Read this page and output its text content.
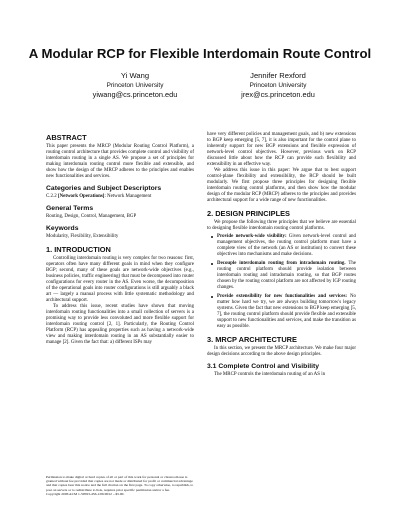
A Modular RCP for Flexible Interdomain Route Control
Yi Wang
Princeton University
yiwang@cs.princeton.edu
Jennifer Rexford
Princeton University
jrex@cs.princeton.edu
ABSTRACT

This paper presents the MRCP (Modular Routing Control Platform), a routing control architecture that provides complete control and visibility of interdomain routing in a single AS. We propose a set of principles for making interdomain routing control more flexible and extensible, and show how the design of the MRCP adheres to the principles and enables new functionalities and services.

Categories and Subject Descriptors
C.2.2 [Network Operations]: Network Management
General Terms

Routing, Design, Control, Management, BGP

Keywords

Modularity, Flexibility, Extensibility

1. INTRODUCTION

Controlling interdomain routing is very complex for two reasons: first, operators often have many different goals in mind when they configure BGP; second, many of these goals are network-wide objectives (e.g., business policies, traffic engineering) that must be decomposed into router configurations for every router in the AS. Even worse, the decomposition of the operational goals into router configurations is still arguably a black art — largely a manual process with little systematic methodology and architectural support.

To address this issue, recent studies have shown that moving interdomain routing functionalities into a small collection of servers is a promising way to provide less convoluted and more flexible support for interdomain routing control [2, 1]. Particularly, the Routing Control Platform (RCP) has appealing properties such as having a network-wide view and making interdomain routing in an AS substantially easier to manage [2]. Given the fact that: a) different ISPs may

Permission to make digital or hard copies of all or part of this work for personal or classroom use is granted without fee provided that copies are not made or distributed for profit or commercial advantage and that copies bear this notice and the full citation on the first page. To copy otherwise, to republish, to post on servers or to redistribute to lists, requires prior specific permission and/or a fee.
Copyright 2006 ACM 1-59593-456-1/06/0012 ...$5.00.

have very different policies and management goals, and b) new extensions to BGP keep emerging [5, 7], it is also important for the control plane to inherently support for new BGP extensions and flexible expression of network-level control objectives. However, previous work on RCP discussed little about how the RCP can provide such flexibility and extensibility in an effective way.

We address this issue in this paper: We argue that to best support control-plane flexibility and extensibility, the RCP should be built modularly. We first propose three principles for designing flexible interdomain routing control platforms, and then show how the modular design of the modular RCP (MRCP) adheres to the principles and provides architectural support for a wide range of new functionalities.

2. DESIGN PRINCIPLES

We propose the following three principles that we believe are essential to designing flexible interdomain routing control platforms.

Provide network-wide visibility: Given network-level control and management objectives, the routing control platform must have a complete view of the network (an AS or institution) to convert these objectives into mechanisms and make decisions.

Decouple interdomain routing from intradomain routing. The routing control platform should provide isolation between interdomain routing and intradomain routing, so that BGP routes chosen by the routing control platform are not affected by IGP routing changes.

Provide extensibility for new functionalities and services: No matter how hard we try, we are always building tomorrow's legacy systems. Given the fact that new extensions to BGP keep emerging [5, 7], the routing control platform should provide flexible and extensible support to new functionalities and services, and make the transition as easy as possible.

3. MRCP ARCHITECTURE

In this section, we present the MRCP architecture. We make four major design decisions according to the above design principles.

3.1 Complete Control and Visibility

The MRCP controls the interdomain routing of an AS in
